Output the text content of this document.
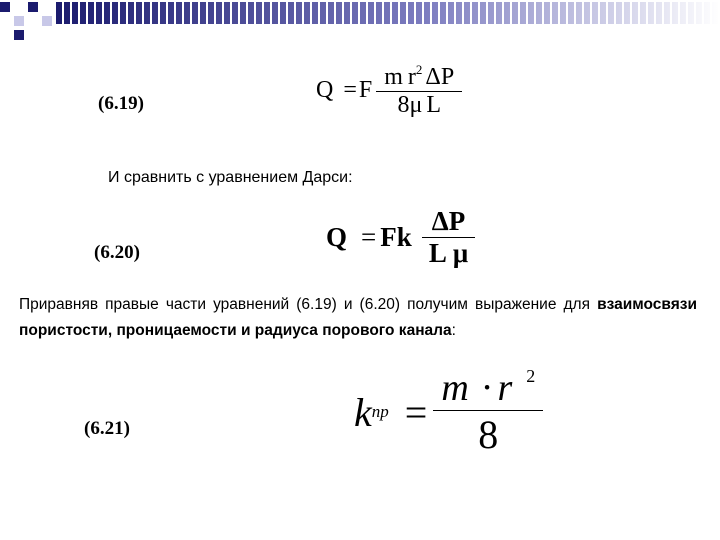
(6.19)
Q = F $\frac{m r^2 \Delta P}{\text{8μ L}}$
И сравнить с уравнением Дарси:
(6.20)
Q = Fk $\frac{\Delta P}{\text{L μ}}$
Приравняв правые части уравнений (6.19) и (6.20) получим выражение для взаимосвязи пористости, проницаемости и радиуса порового канала:
(6.21)	k пр = $\frac{m \cdot r ^2}{8}$
